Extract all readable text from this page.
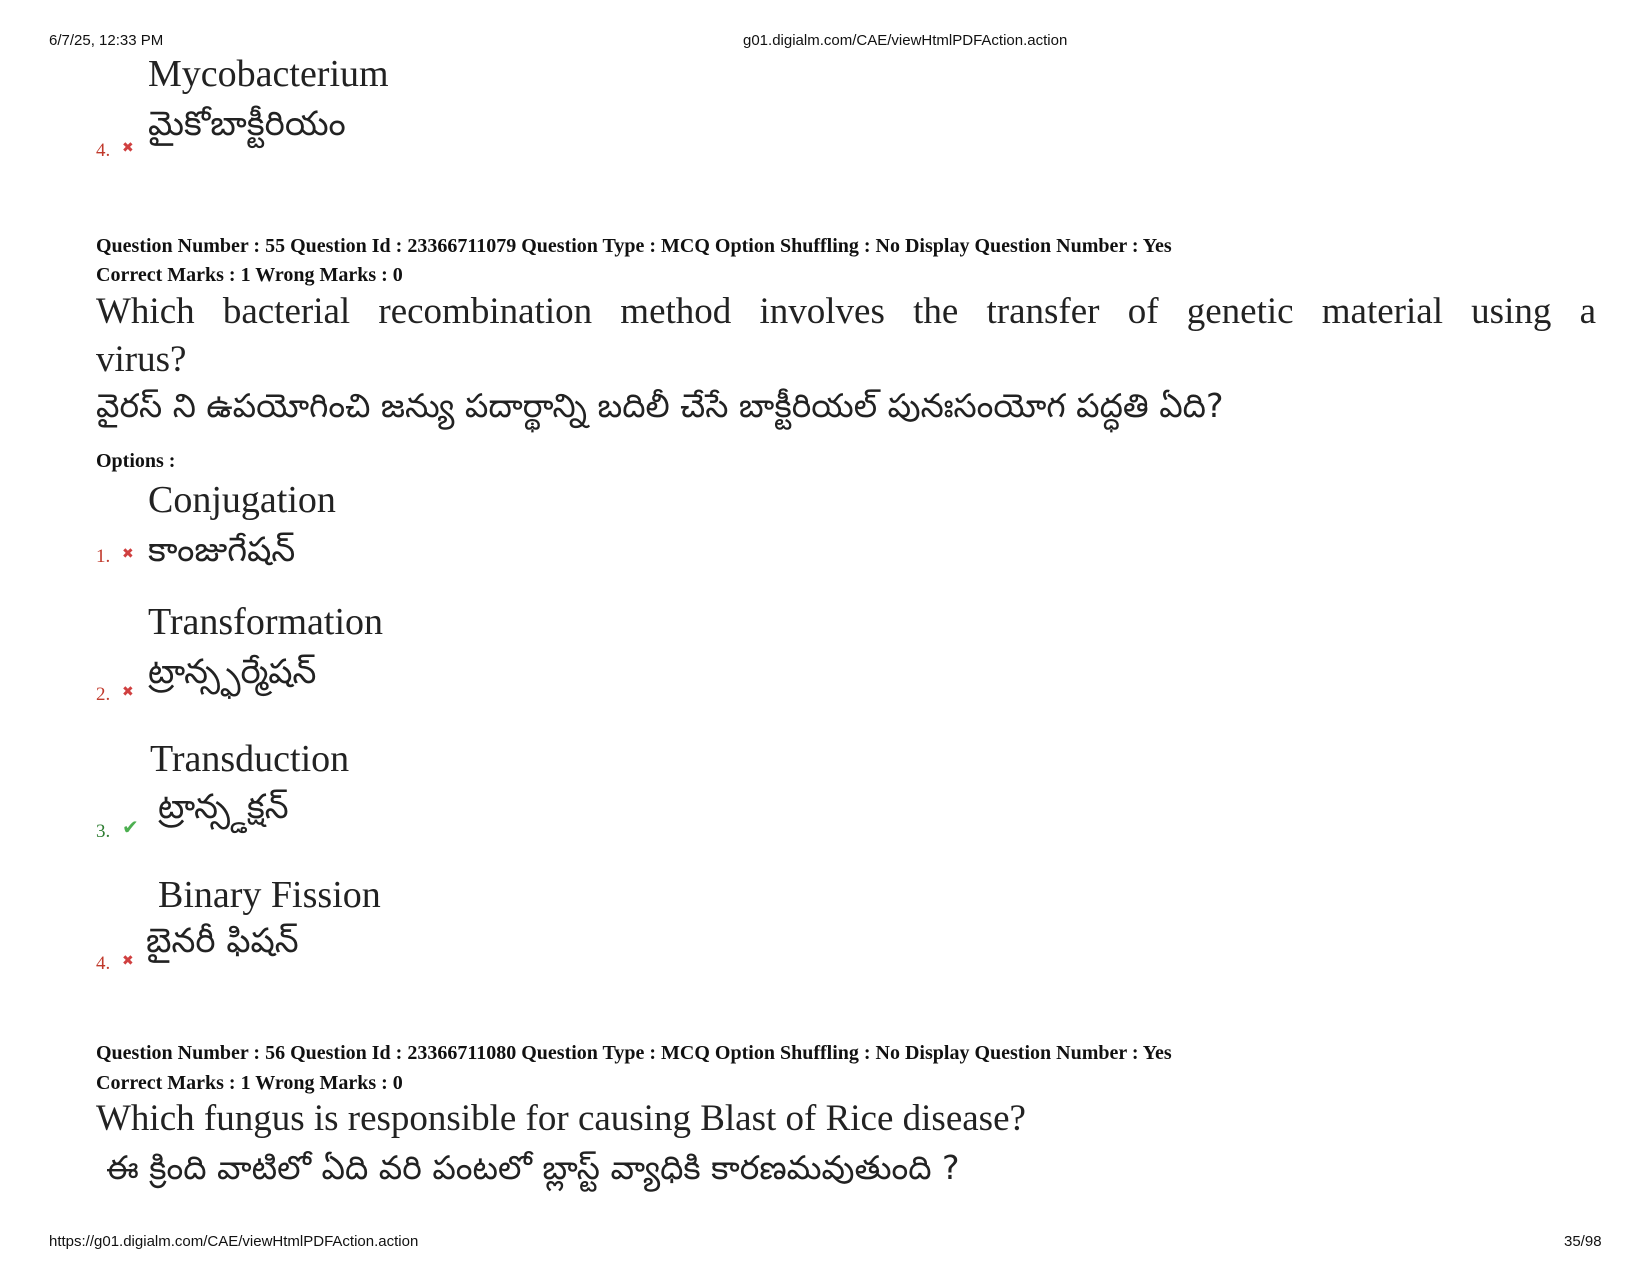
6/7/25, 12:33 PM	g01.digialm.com/CAE/viewHtmlPDFAction.action
Mycobacterium
మైకోబాక్టీరియం
4. ✖
Question Number : 55 Question Id : 23366711079 Question Type : MCQ Option Shuffling : No Display Question Number : Yes
Correct Marks : 1 Wrong Marks : 0
Which bacterial recombination method involves the transfer of genetic material using a
virus?
వైరస్ ని ఉపయోగించి జన్యు పదార్థాన్ని బదిలీ చేసే బాక్టీరియల్ పునఃసంయోగ పద్ధతి ఏది?
Options :
Conjugation
కాంజుగేషన్
1. ✖
Transformation
ట్రాన్స్ఫర్మేషన్
2. ✖
Transduction
ట్రాన్స్డక్షన్
3. ✔
Binary Fission
బైనరీ ఫిషన్
4. ✖
Question Number : 56 Question Id : 23366711080 Question Type : MCQ Option Shuffling : No Display Question Number : Yes
Correct Marks : 1 Wrong Marks : 0
Which fungus is responsible for causing Blast of Rice disease?
ఈ క్రింది వాటిలో ఏది వరి పంటలో బ్లాస్ట్ వ్యాధికి కారణమవుతుంది ?
https://g01.digialm.com/CAE/viewHtmlPDFAction.action	35/98
